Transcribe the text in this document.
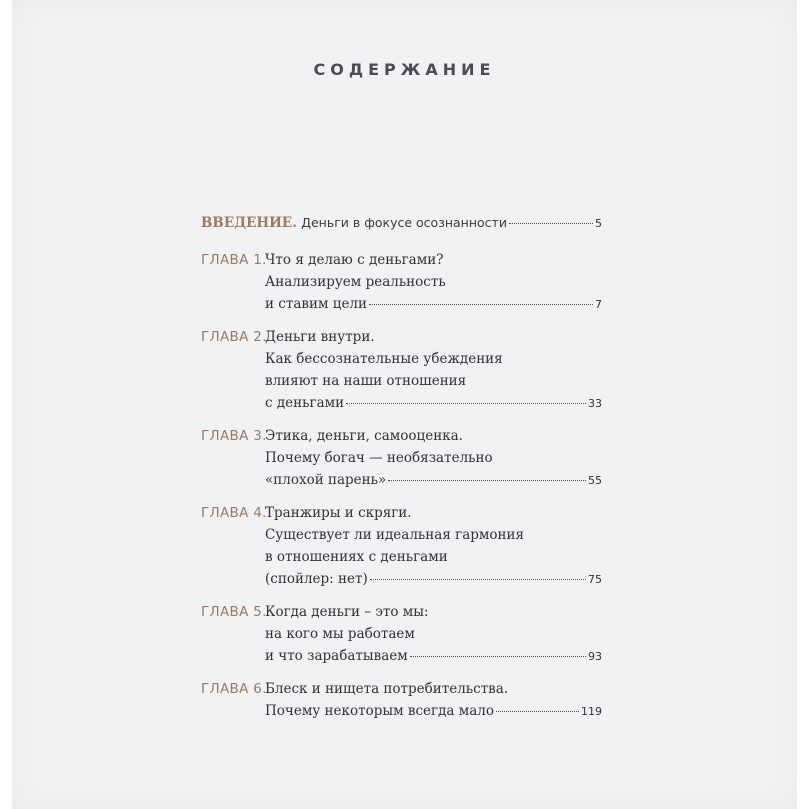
СОДЕРЖАНИЕ
ВВЕДЕНИЕ.
Деньги в фокусе осознанности	5
ГЛАВА 1.
Что я делаю с деньгами?
Анализируем реальность
и ставим цели	7
ГЛАВА 2.
Деньги внутри.
Как бессознательные убеждения
влияют на наши отношения
с деньгами	33
ГЛАВА 3.
Этика, деньги, самооценка.
Почему богач — необязательно
«плохой парень»	55
ГЛАВА 4.
Транжиры и скряги.
Существует ли идеальная гармония
в отношениях с деньгами
(спойлер: нет)	75
ГЛАВА 5.
Когда деньги – это мы:
на кого мы работаем
и что зарабатываем	93
ГЛАВА 6.
Блеск и нищета потребительства.
Почему некоторым всегда мало	119
